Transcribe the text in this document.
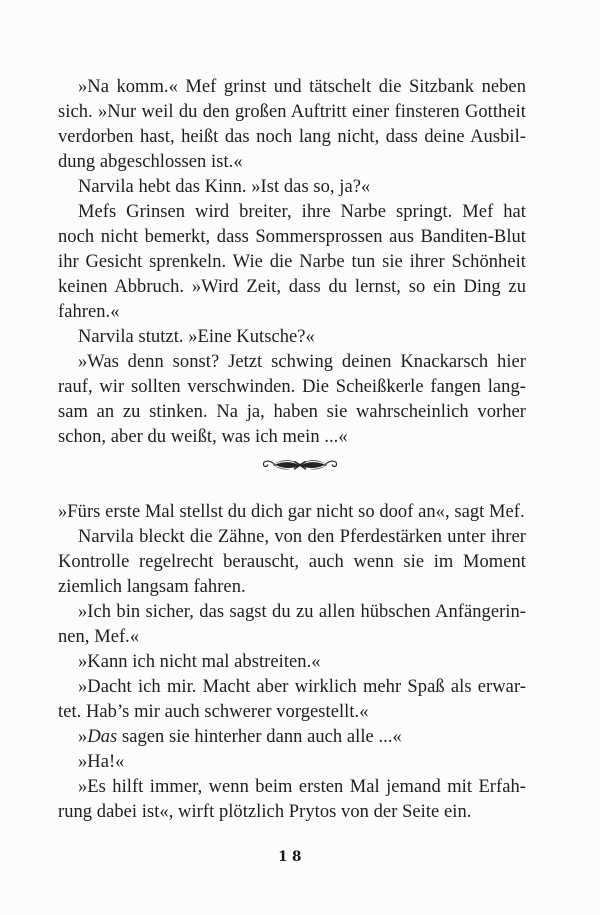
»Na komm.« Mef grinst und tätschelt die Sitzbank neben
sich. »Nur weil du den großen Auftritt einer finsteren Gottheit
verdorben hast, heißt das noch lang nicht, dass deine Ausbil-
dung abgeschlossen ist.«
Narvila hebt das Kinn. »Ist das so, ja?«
Mefs Grinsen wird breiter, ihre Narbe springt. Mef hat
noch nicht bemerkt, dass Sommersprossen aus Banditen-Blut
ihr Gesicht sprenkeln. Wie die Narbe tun sie ihrer Schönheit
keinen Abbruch. »Wird Zeit, dass du lernst, so ein Ding zu
fahren.«
Narvila stutzt. »Eine Kutsche?«
»Was denn sonst? Jetzt schwing deinen Knackarsch hier
rauf, wir sollten verschwinden. Die Scheißkerle fangen lang-
sam an zu stinken. Na ja, haben sie wahrscheinlich vorher
schon, aber du weißt, was ich mein ...«
»Fürs erste Mal stellst du dich gar nicht so doof an«, sagt Mef.
Narvila bleckt die Zähne, von den Pferdestärken unter ihrer
Kontrolle regelrecht berauscht, auch wenn sie im Moment
ziemlich langsam fahren.
»Ich bin sicher, das sagst du zu allen hübschen Anfängerin-
nen, Mef.«
»Kann ich nicht mal abstreiten.«
»Dacht ich mir. Macht aber wirklich mehr Spaß als erwar-
tet. Hab’s mir auch schwerer vorgestellt.«
»Das sagen sie hinterher dann auch alle ...«
»Ha!«
»Es hilft immer, wenn beim ersten Mal jemand mit Erfah-
rung dabei ist«, wirft plötzlich Prytos von der Seite ein.
18
